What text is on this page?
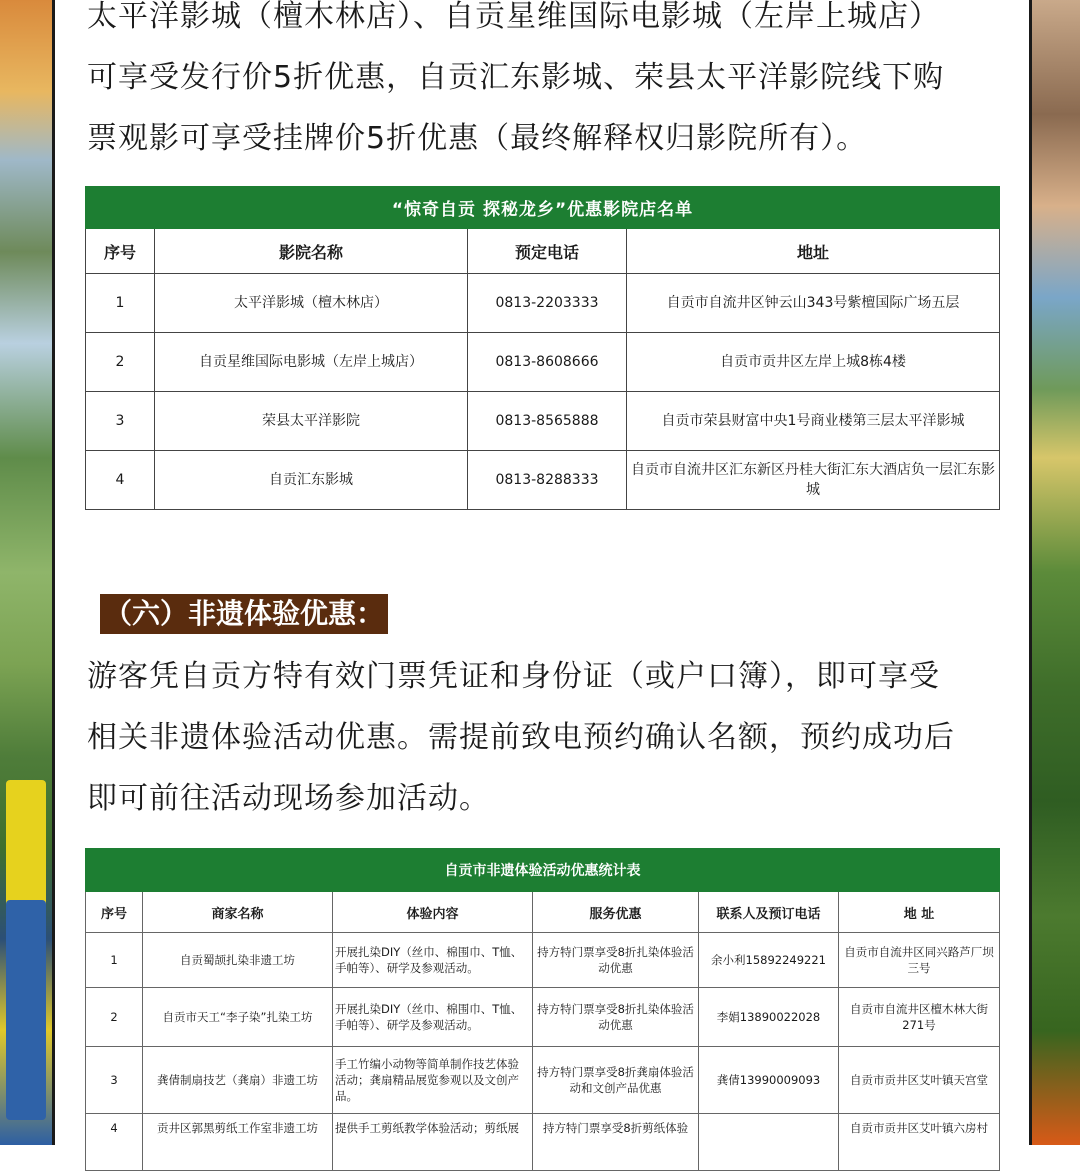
太平洋影城（檀木林店）、自贡星维国际电影城（左岸上城店）
可享受发行价5折优惠，自贡汇东影城、荣县太平洋影院线下购
票观影可享受挂牌价5折优惠（最终解释权归影院所有）。
“惊奇自贡 探秘龙乡”优惠影院店名单			
序号	影院名称	预定电话	地址
1	太平洋影城（檀木林店）	0813-2203333	自贡市自流井区钟云山343号紫檀国际广场五层
2	自贡星维国际电影城（左岸上城店）	0813-8608666	自贡市贡井区左岸上城8栋4楼
3	荣县太平洋影院	0813-8565888	自贡市荣县财富中央1号商业楼第三层太平洋影城
4	自贡汇东影城	0813-8288333	自贡市自流井区汇东新区丹桂大街汇东大酒店负一层汇东影城
（六）非遗体验优惠：
游客凭自贡方特有效门票凭证和身份证（或户口簿），即可享受
相关非遗体验活动优惠。需提前致电预约确认名额，预约成功后
即可前往活动现场参加活动。
自贡市非遗体验活动优惠统计表					
序号	商家名称	体验内容	服务优惠	联系人及预订电话	地 址
1	自贡蜀颉扎染非遗工坊	开展扎染DIY（丝巾、棉围巾、T恤、手帕等）、研学及参观活动。	持方特门票享受8折扎染体验活动优惠	余小利15892249221	自贡市自流井区同兴路芦厂坝三号
2	自贡市天工“李子染”扎染工坊	开展扎染DIY（丝巾、棉围巾、T恤、手帕等）、研学及参观活动。	持方特门票享受8折扎染体验活动优惠	李娟13890022028	自贡市自流井区檀木林大街271号
3	龚倩制扇技艺（龚扇）非遗工坊	手工竹编小动物等简单制作技艺体验活动；龚扇精品展览参观以及文创产品。	持方特门票享受8折龚扇体验活动和文创产品优惠	龚倩13990009093	自贡市贡井区艾叶镇天宫堂
4	贡井区郭黑剪纸工作室非遗工坊	提供手工剪纸教学体验活动；剪纸展	持方特门票享受8折剪纸体验		自贡市贡井区艾叶镇六房村
